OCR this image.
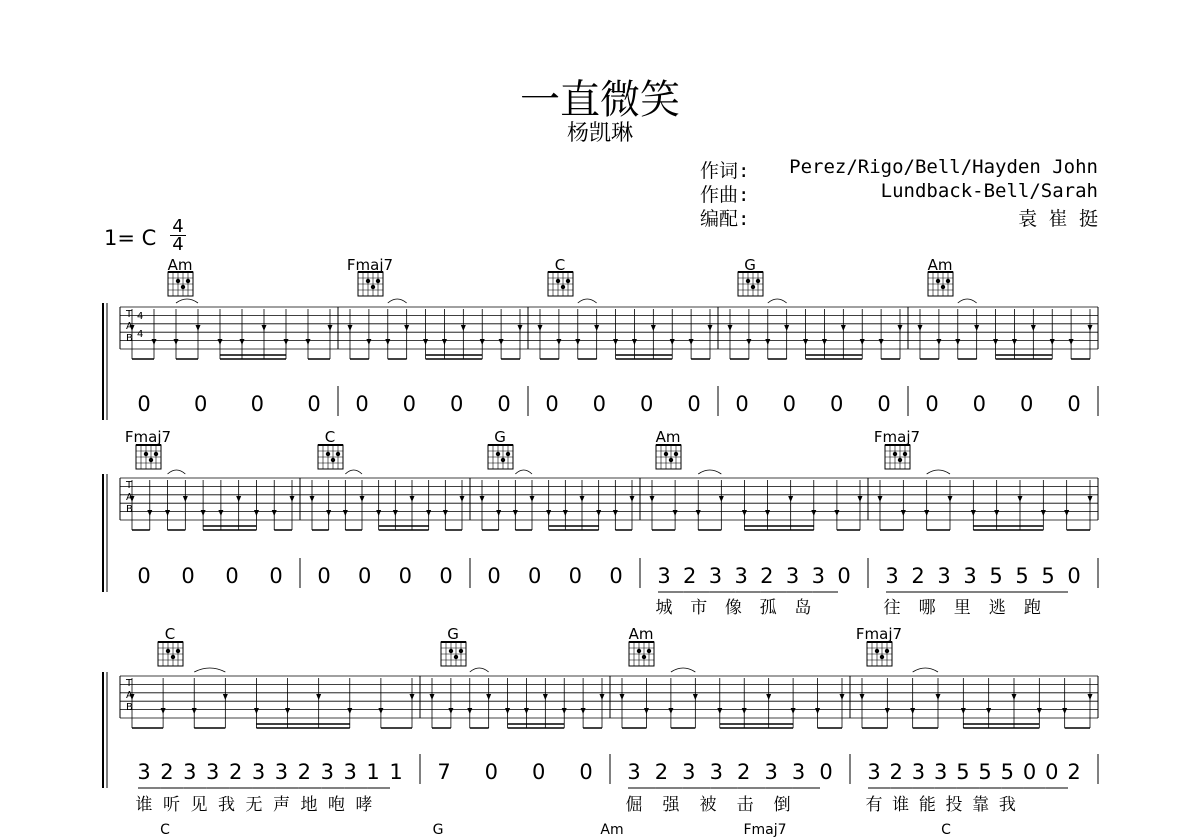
一直微笑
杨凯琳
作词: Perez/Rigo/Bell/Hayden John
作曲:	Lundback-Bell/Sarah
编配:	袁 崔 挺
1= C 4
4
T
A
B
4
4
Am	Fmaj7	C	G	Am
0 0 0 0 0 0 0 0 0 0 0 0 0 0 0 0 0 0 0 0
T
A
B
Fmaj7	C	G	Am	Fmaj7
0 0 0 0 0 0 0 0 0 0 0 0 3 2 3 3 2 3 3 0
城 市 像 孤 岛
3 2 3 3 5 5 5 0
往 哪 里 逃 跑
T
A
B
C	G	Am	Fmaj7
3 2 3 3 2 3 3 2 3 3 1 1
谁 听 见 我 无 声 地 咆 哮
7 0 0 0 3 2 3 3 2 3 3 0
倔 强 被 击 倒
3 2 3 3 5 5 5 0 0 2
有 谁 能 投 靠 我
C	G	Am	Fmaj7	C
